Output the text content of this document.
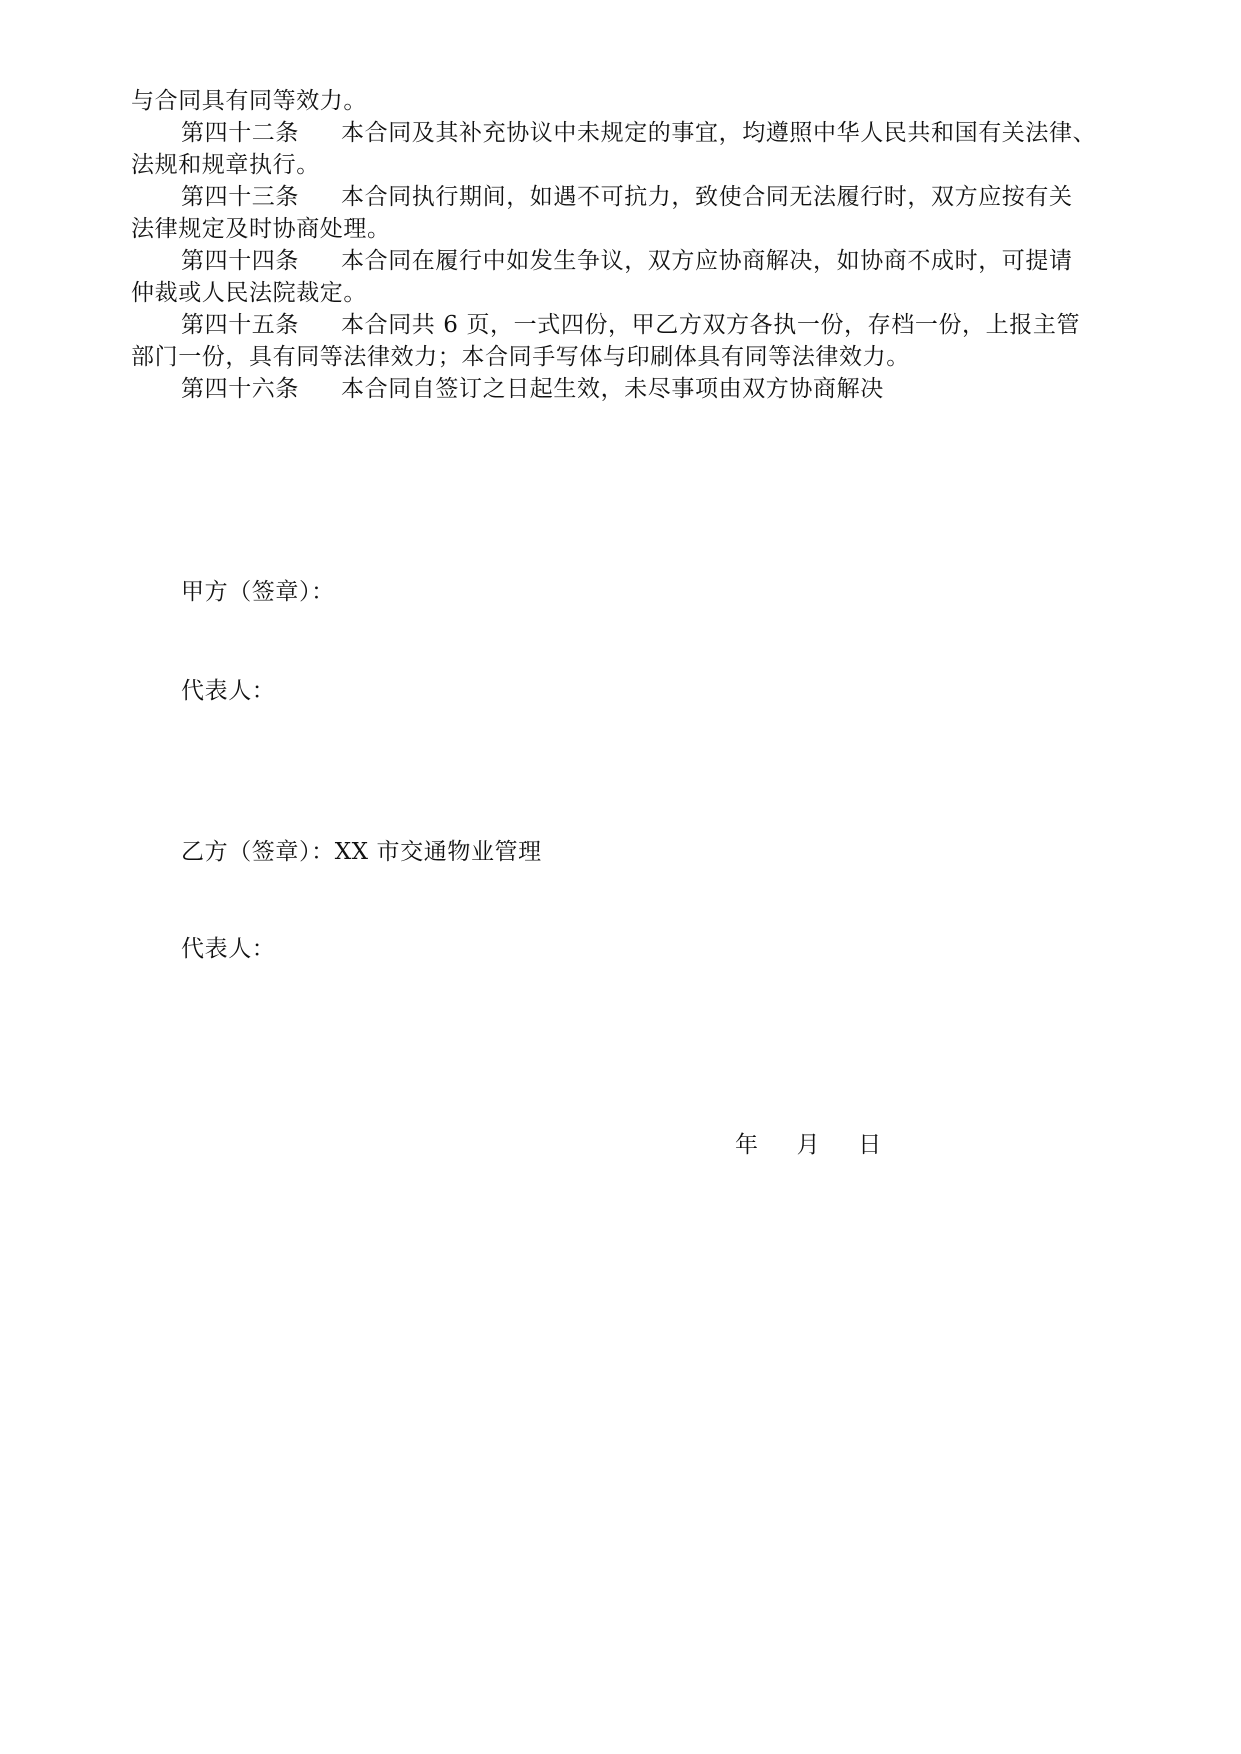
与合同具有同等效力。
第四十二条 本合同及其补充协议中未规定的事宜，均遵照中华人民共和国有关法律、
法规和规章执行。
第四十三条 本合同执行期间，如遇不可抗力，致使合同无法履行时，双方应按有关
法律规定及时协商处理。
第四十四条 本合同在履行中如发生争议，双方应协商解决，如协商不成时，可提请
仲裁或人民法院裁定。
第四十五条 本合同共 6 页，一式四份，甲乙方双方各执一份，存档一份，上报主管
部门一份，具有同等法律效力；本合同手写体与印刷体具有同等法律效力。
第四十六条 本合同自签订之日起生效，未尽事项由双方协商解决
甲方（签章）：
代表人：
乙方（签章）：XX 市交通物业管理
代表人：
年 月 日
